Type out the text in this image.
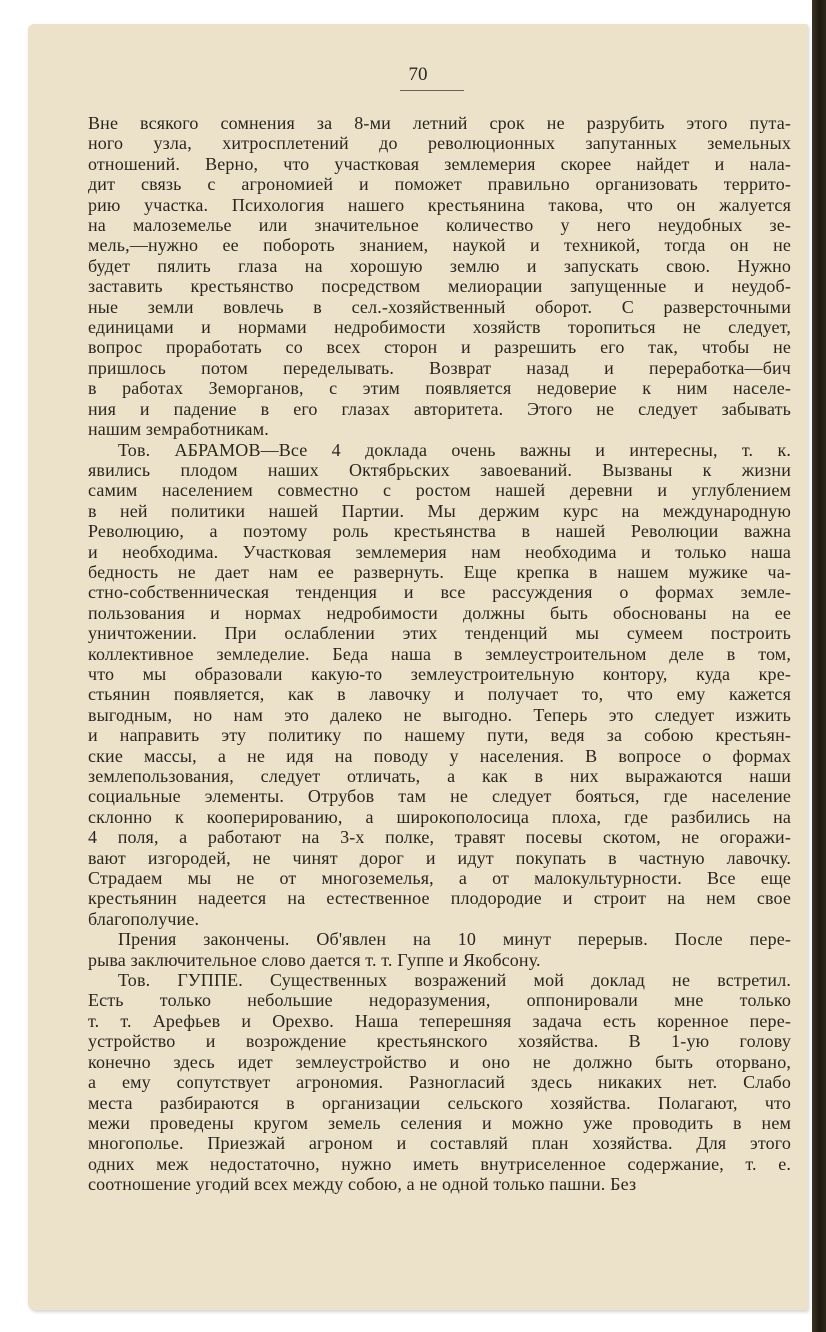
70
Вне всякого сомнения за 8-ми летний срок не разрубить этого пута-
ного узла, хитросплетений до революционных запутанных земельных
отношений. Верно, что участковая землемерия скорее найдет и нала-
дит связь с агрономией и поможет правильно организовать террито-
рию участка. Психология нашего крестьянина такова, что он жалуется
на малоземелье или значительное количество у него неудобных зе-
мель,—нужно ее побороть знанием, наукой и техникой, тогда он не
будет пялить глаза на хорошую землю и запускать свою. Нужно
заставить крестьянство посредством мелиорации запущенные и неудоб-
ные земли вовлечь в сел.-хозяйственный оборот. С разверсточными
единицами и нормами недробимости хозяйств торопиться не следует,
вопрос проработать со всех сторон и разрешить его так, чтобы не
пришлось потом переделывать. Возврат назад и переработка—бич
в работах Земорганов, с этим появляется недоверие к ним населе-
ния и падение в его глазах авторитета. Этого не следует забывать
нашим земработникам.
Тов. АБРАМОВ—Все 4 доклада очень важны и интересны, т. к.
явились плодом наших Октябрьских завоеваний. Вызваны к жизни
самим населением совместно с ростом нашей деревни и углублением
в ней политики нашей Партии. Мы держим курс на международную
Революцию, а поэтому роль крестьянства в нашей Революции важна
и необходима. Участковая землемерия нам необходима и только наша
бедность не дает нам ее развернуть. Еще крепка в нашем мужике ча-
стно-собственническая тенденция и все рассуждения о формах земле-
пользования и нормах недробимости должны быть обоснованы на ее
уничтожении. При ослаблении этих тенденций мы сумеем построить
коллективное земледелие. Беда наша в землеустроительном деле в том,
что мы образовали какую-то землеустроительную контору, куда кре-
стьянин появляется, как в лавочку и получает то, что ему кажется
выгодным, но нам это далеко не выгодно. Теперь это следует изжить
и направить эту политику по нашему пути, ведя за собою крестьян-
ские массы, а не идя на поводу у населения. В вопросе о формах
землепользования, следует отличать, а как в них выражаются наши
социальные элементы. Отрубов там не следует бояться, где население
склонно к кооперированию, а широкополосица плоха, где разбились на
4 поля, а работают на 3-х полке, травят посевы скотом, не огоражи-
вают изгородей, не чинят дорог и идут покупать в частную лавочку.
Страдаем мы не от многоземелья, а от малокультурности. Все еще
крестьянин надеется на естественное плодородие и строит на нем свое
благополучие.
Прения закончены. Об'явлен на 10 минут перерыв. После пере-
рыва заключительное слово дается т. т. Гуппе и Якобсону.
Тов. ГУППЕ. Существенных возражений мой доклад не встретил.
Есть только небольшие недоразумения, оппонировали мне только
т. т. Арефьев и Орехво. Наша теперешняя задача есть коренное пере-
устройство и возрождение крестьянского хозяйства. В 1-ую голову
конечно здесь идет землеустройство и оно не должно быть оторвано,
а ему сопутствует агрономия. Разногласий здесь никаких нет. Слабо
места разбираются в организации сельского хозяйства. Полагают, что
межи проведены кругом земель селения и можно уже проводить в нем
многополье. Приезжай агроном и составляй план хозяйства. Для этого
одних меж недостаточно, нужно иметь внутриселенное содержание, т. е.
соотношение угодий всех между собою, а не одной только пашни. Без
